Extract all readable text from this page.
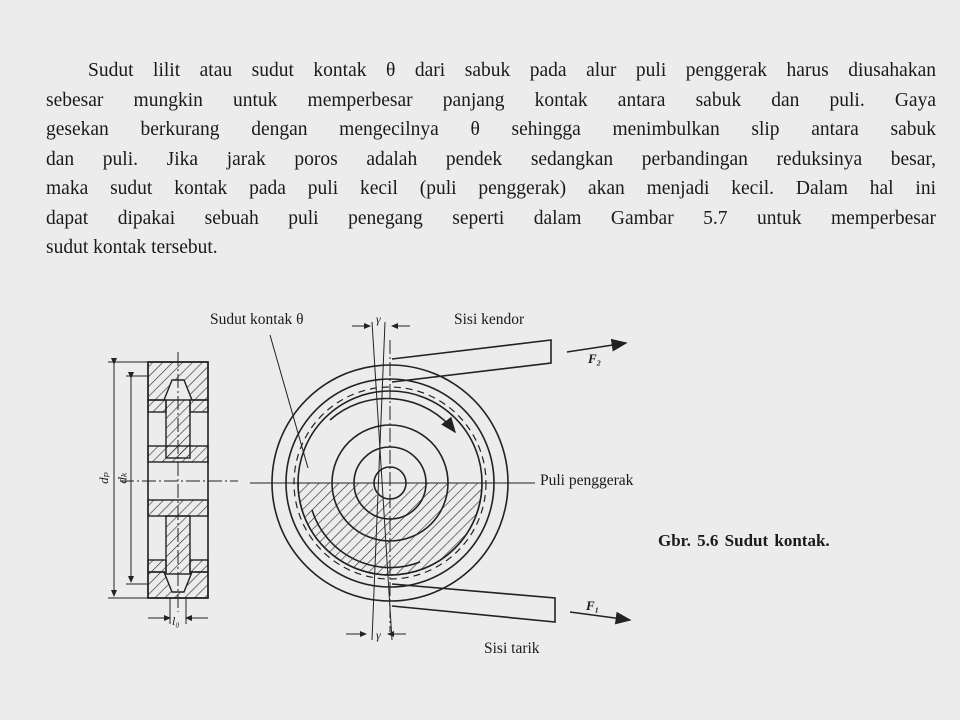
Sudut lilit atau sudut kontak θ dari sabuk pada alur puli penggerak harus diusahakan
sebesar mungkin untuk memperbesar panjang kontak antara sabuk dan puli. Gaya
gesekan berkurang dengan mengecilnya θ sehingga menimbulkan slip antara sabuk
dan puli. Jika jarak poros adalah pendek sedangkan perbandingan reduksinya besar,
maka sudut kontak pada puli kecil (puli penggerak) akan menjadi kecil. Dalam hal ini
dapat dipakai sebuah puli penegang seperti dalam Gambar 5.7 untuk memperbesar
sudut kontak tersebut.
Sudut kontak θ	γ	Sisi kendor
F₂
Puli penggerak
F₁
γ
Sisi tarik
dₚ dₖ
l₀
Gbr. 5.6 Sudut kontak.
